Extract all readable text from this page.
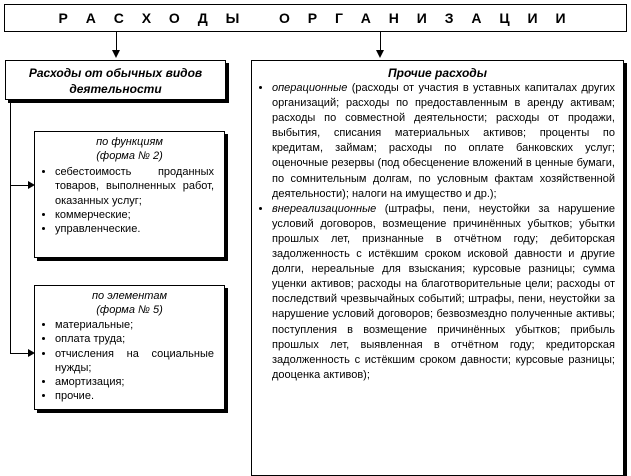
Р А С Х О Д Ы   О Р Г А Н И З А Ц И И
Расходы от обычных видов деятельности
по функциям
(форма № 2)
• себестоимость проданных товаров, выполненных работ, оказанных услуг;
• коммерческие;
• управленческие.
по элементам
(форма № 5)
• материальные;
• оплата труда;
• отчисления на социальные нужды;
• амортизация;
• прочие.
Прочие расходы
• операционные (расходы от участия в уставных капиталах других организаций; расходы по предоставленным в аренду активам; расходы по совместной деятельности; расходы от продажи, выбытия, списания материальных активов; проценты по кредитам, займам; расходы по оплате банковских услуг; оценочные резервы (под обесценение вложений в ценные бумаги, по сомнительным долгам, по условным фактам хозяйственной деятельности); налоги на имущество и др.);
• внереализационные (штрафы, пени, неустойки за нарушение условий договоров, возмещение причинённых убытков; убытки прошлых лет, признанные в отчётном году; дебиторская задолженность с истёкшим сроком исковой давности и другие долги, нереальные для взыскания; курсовые разницы; сумма уценки активов; расходы на благотворительные цели; расходы от последствий чрезвычайных событий; штрафы, пени, неустойки за нарушение условий договоров; безвозмездно полученные активы; поступления в возмещение причинённых убытков; прибыль прошлых лет, выявленная в отчётном году; кредиторская задолженность с истёкшим сроком давности; курсовые разницы; дооценка активов);
